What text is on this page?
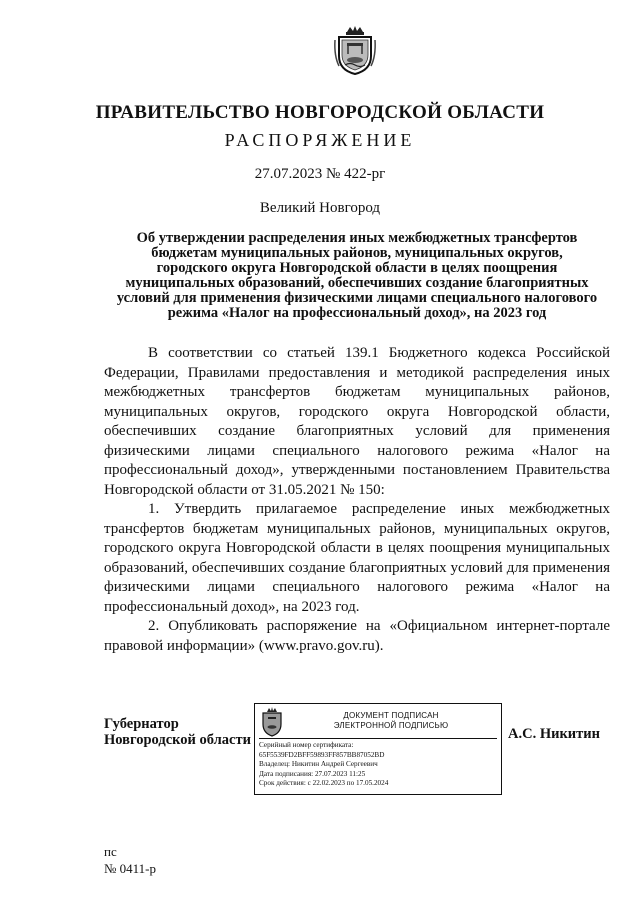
ПРАВИТЕЛЬСТВО НОВГОРОДСКОЙ ОБЛАСТИ
РАСПОРЯЖЕНИЕ
27.07.2023 № 422-рг
Великий Новгород
Об утверждении распределения иных межбюджетных трансфертов
бюджетам муниципальных районов, муниципальных округов,
городского округа Новгородской области в целях поощрения
муниципальных образований, обеспечивших создание благоприятных
условий для применения физическими лицами специального налогового
режима «Налог на профессиональный доход», на 2023 год

В соответствии со статьей 139.1 Бюджетного кодекса Российской Федерации, Правилами предоставления и методикой распределения иных межбюджетных трансфертов бюджетам муниципальных районов, муниципальных округов, городского округа Новгородской области, обеспечивших создание благоприятных условий для применения физическими лицами специального налогового режима «Налог на профессиональный доход», утвержденными постановлением Правительства Новгородской области от 31.05.2021 № 150:

1. Утвердить прилагаемое распределение иных межбюджетных трансфертов бюджетам муниципальных районов, муниципальных округов, городского округа Новгородской области в целях поощрения муниципальных образований, обеспечивших создание благоприятных условий для применения физическими лицами специального налогового режима «Налог на профессиональный доход», на 2023 год.

2. Опубликовать распоряжение на «Официальном интернет-портале правовой информации» (www.pravo.gov.ru).

Губернатор
Новгородской области
ДОКУМЕНТ ПОДПИСАН
ЭЛЕКТРОННОЙ ПОДПИСЬЮ
Серийный номер сертификата:
65F5539FD2BFF59893FF857BB87052BD
Владелец: Никитин Андрей Сергеевич
Дата подписания: 27.07.2023 11:25
Срок действия: с 22.02.2023 по 17.05.2024
А.С. Никитин
пс
№ 0411-р
